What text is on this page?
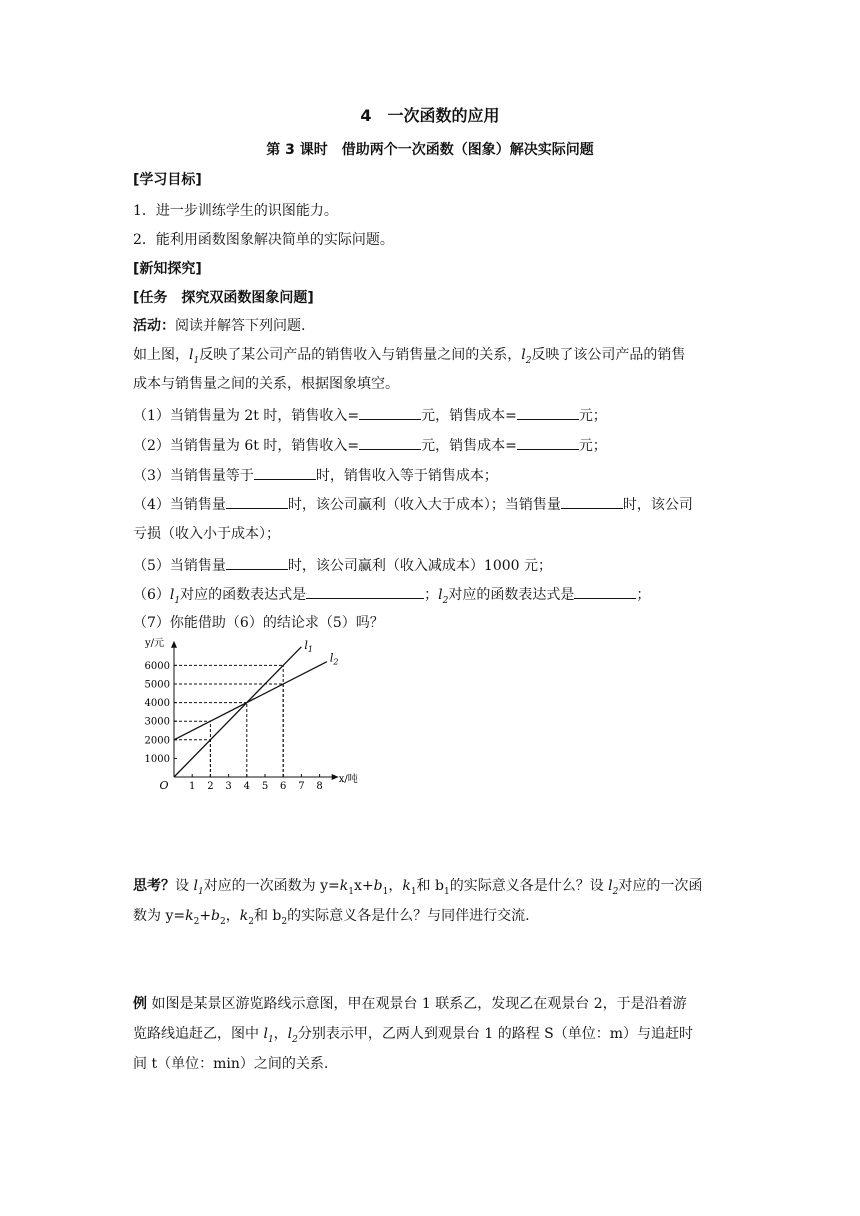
4　一次函数的应用
第 3 课时　借助两个一次函数（图象）解决实际问题
[学习目标]
1．进一步训练学生的识图能力。
2．能利用函数图象解决简单的实际问题。
[新知探究]
[任务　探究双函数图象问题]
活动：阅读并解答下列问题.
如上图，$l_1$反映了某公司产品的销售收入与销售量之间的关系，$l_2$反映了该公司产品的销售
成本与销售量之间的关系，根据图象填空。
（1）当销售量为 2t 时，销售收入=	元，销售成本=	元；
（2）当销售量为 6t 时，销售收入=	元，销售成本=	元；
（3）当销售量等于	时，销售收入等于销售成本；
（4）当销售量	时，该公司赢利（收入大于成本）；当销售量	时，该公司
亏损（收入小于成本）；
（5）当销售量	时，该公司赢利（收入减成本）1000 元；
$(6)l_1$对应的函数表达式是	；$l_2$对应的函数表达式是	；
（7）你能借助（6）的结论求（5）吗？
1 2 3 4 5 6 7 8
1000
2000
3000
4000
5000
6000
O	x/吨
y/元	$l_1$
$l_2$
思考？设 $l_1$对应的一次函数为 $y=k_1x+b_1$，$k_1$和 $b_1$的实际意义各是什么？设 $l_2$对应的一次函
数为 $y=k_2+b_2$，$k_2$和 $b_2$的实际意义各是什么？与同伴进行交流.
例 如图是某景区游览路线示意图，甲在观景台 1 联系乙，发现乙在观景台 2，于是沿着游
览路线追赶乙，图中 $l_1$，$l_2$分别表示甲，乙两人到观景台 1 的路程 S（单位：m）与追赶时
间 t（单位：min）之间的关系.
